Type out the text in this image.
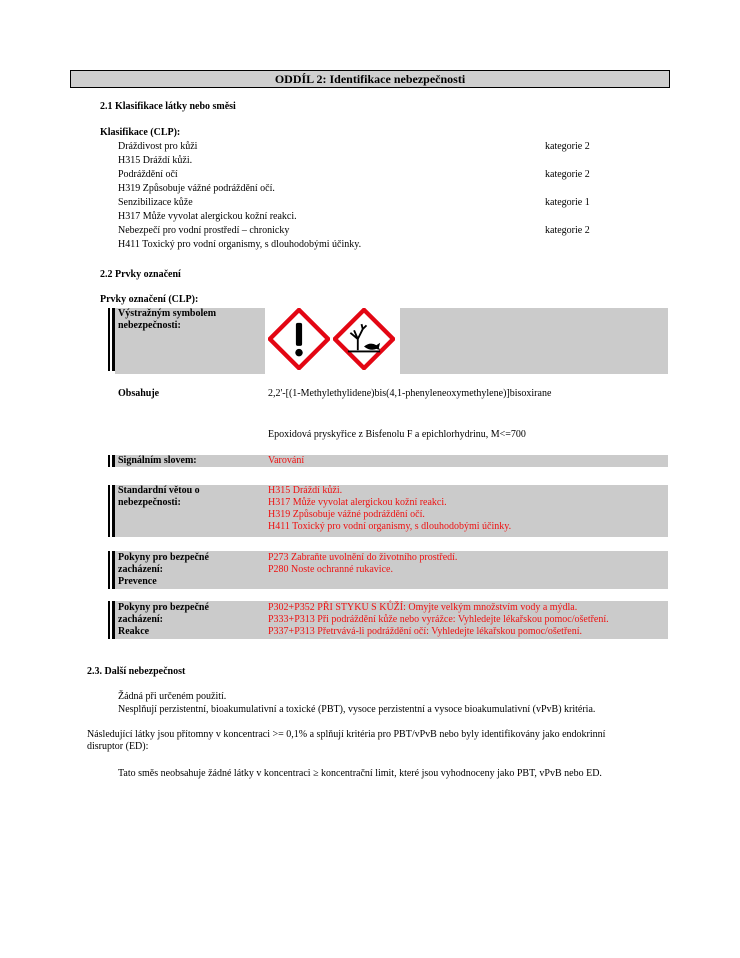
ODDÍL 2: Identifikace nebezpečnosti
2.1 Klasifikace látky nebo směsi
Klasifikace (CLP):
Dráždivost pro kůži	kategorie 2
H315 Dráždí kůži.
Podráždění očí	kategorie 2
H319 Způsobuje vážné podráždění očí.
Senzibilizace kůže	kategorie 1
H317 Může vyvolat alergickou kožní reakci.
Nebezpečí pro vodní prostředí – chronicky	kategorie 2
H411 Toxický pro vodní organismy, s dlouhodobými účinky.
2.2 Prvky označení
Prvky označení (CLP):
Výstražným symbolem
nebezpečnosti:
Obsahuje	2,2'-[(1-Methylethylidene)bis(4,1-phenyleneoxymethylene)]bisoxirane
Epoxidová pryskyřice z Bisfenolu F a epichlorhydrinu, M<=700
Signálním slovem:	Varování
Standardní větou o
nebezpečnosti:
H315 Dráždí kůži.
H317 Může vyvolat alergickou kožní reakci.
H319 Způsobuje vážné podráždění očí.
H411 Toxický pro vodní organismy, s dlouhodobými účinky.
Pokyny pro bezpečné
zacházení:
Prevence
P273 Zabraňte uvolnění do životního prostředí.
P280 Noste ochranné rukavice.
Pokyny pro bezpečné
zacházení:
Reakce
P302+P352 PŘI STYKU S KŮŽÍ: Omyjte velkým množstvím vody a mýdla.
P333+P313 Při podráždění kůže nebo vyrážce: Vyhledejte lékařskou pomoc/ošetření.
P337+P313 Přetrvává-li podráždění očí: Vyhledejte lékařskou pomoc/ošetření.
2.3. Další nebezpečnost
Žádná při určeném použití.
Nesplňují perzistentní, bioakumulativní a toxické (PBT), vysoce perzistentní a vysoce bioakumulativní (vPvB) kritéria.
Následující látky jsou přítomny v koncentraci >= 0,1% a splňují kritéria pro PBT/vPvB nebo byly identifikovány jako endokrinní
disruptor (ED):
Tato směs neobsahuje žádné látky v koncentraci ≥ koncentrační limit, které jsou vyhodnoceny jako PBT, vPvB nebo ED.
